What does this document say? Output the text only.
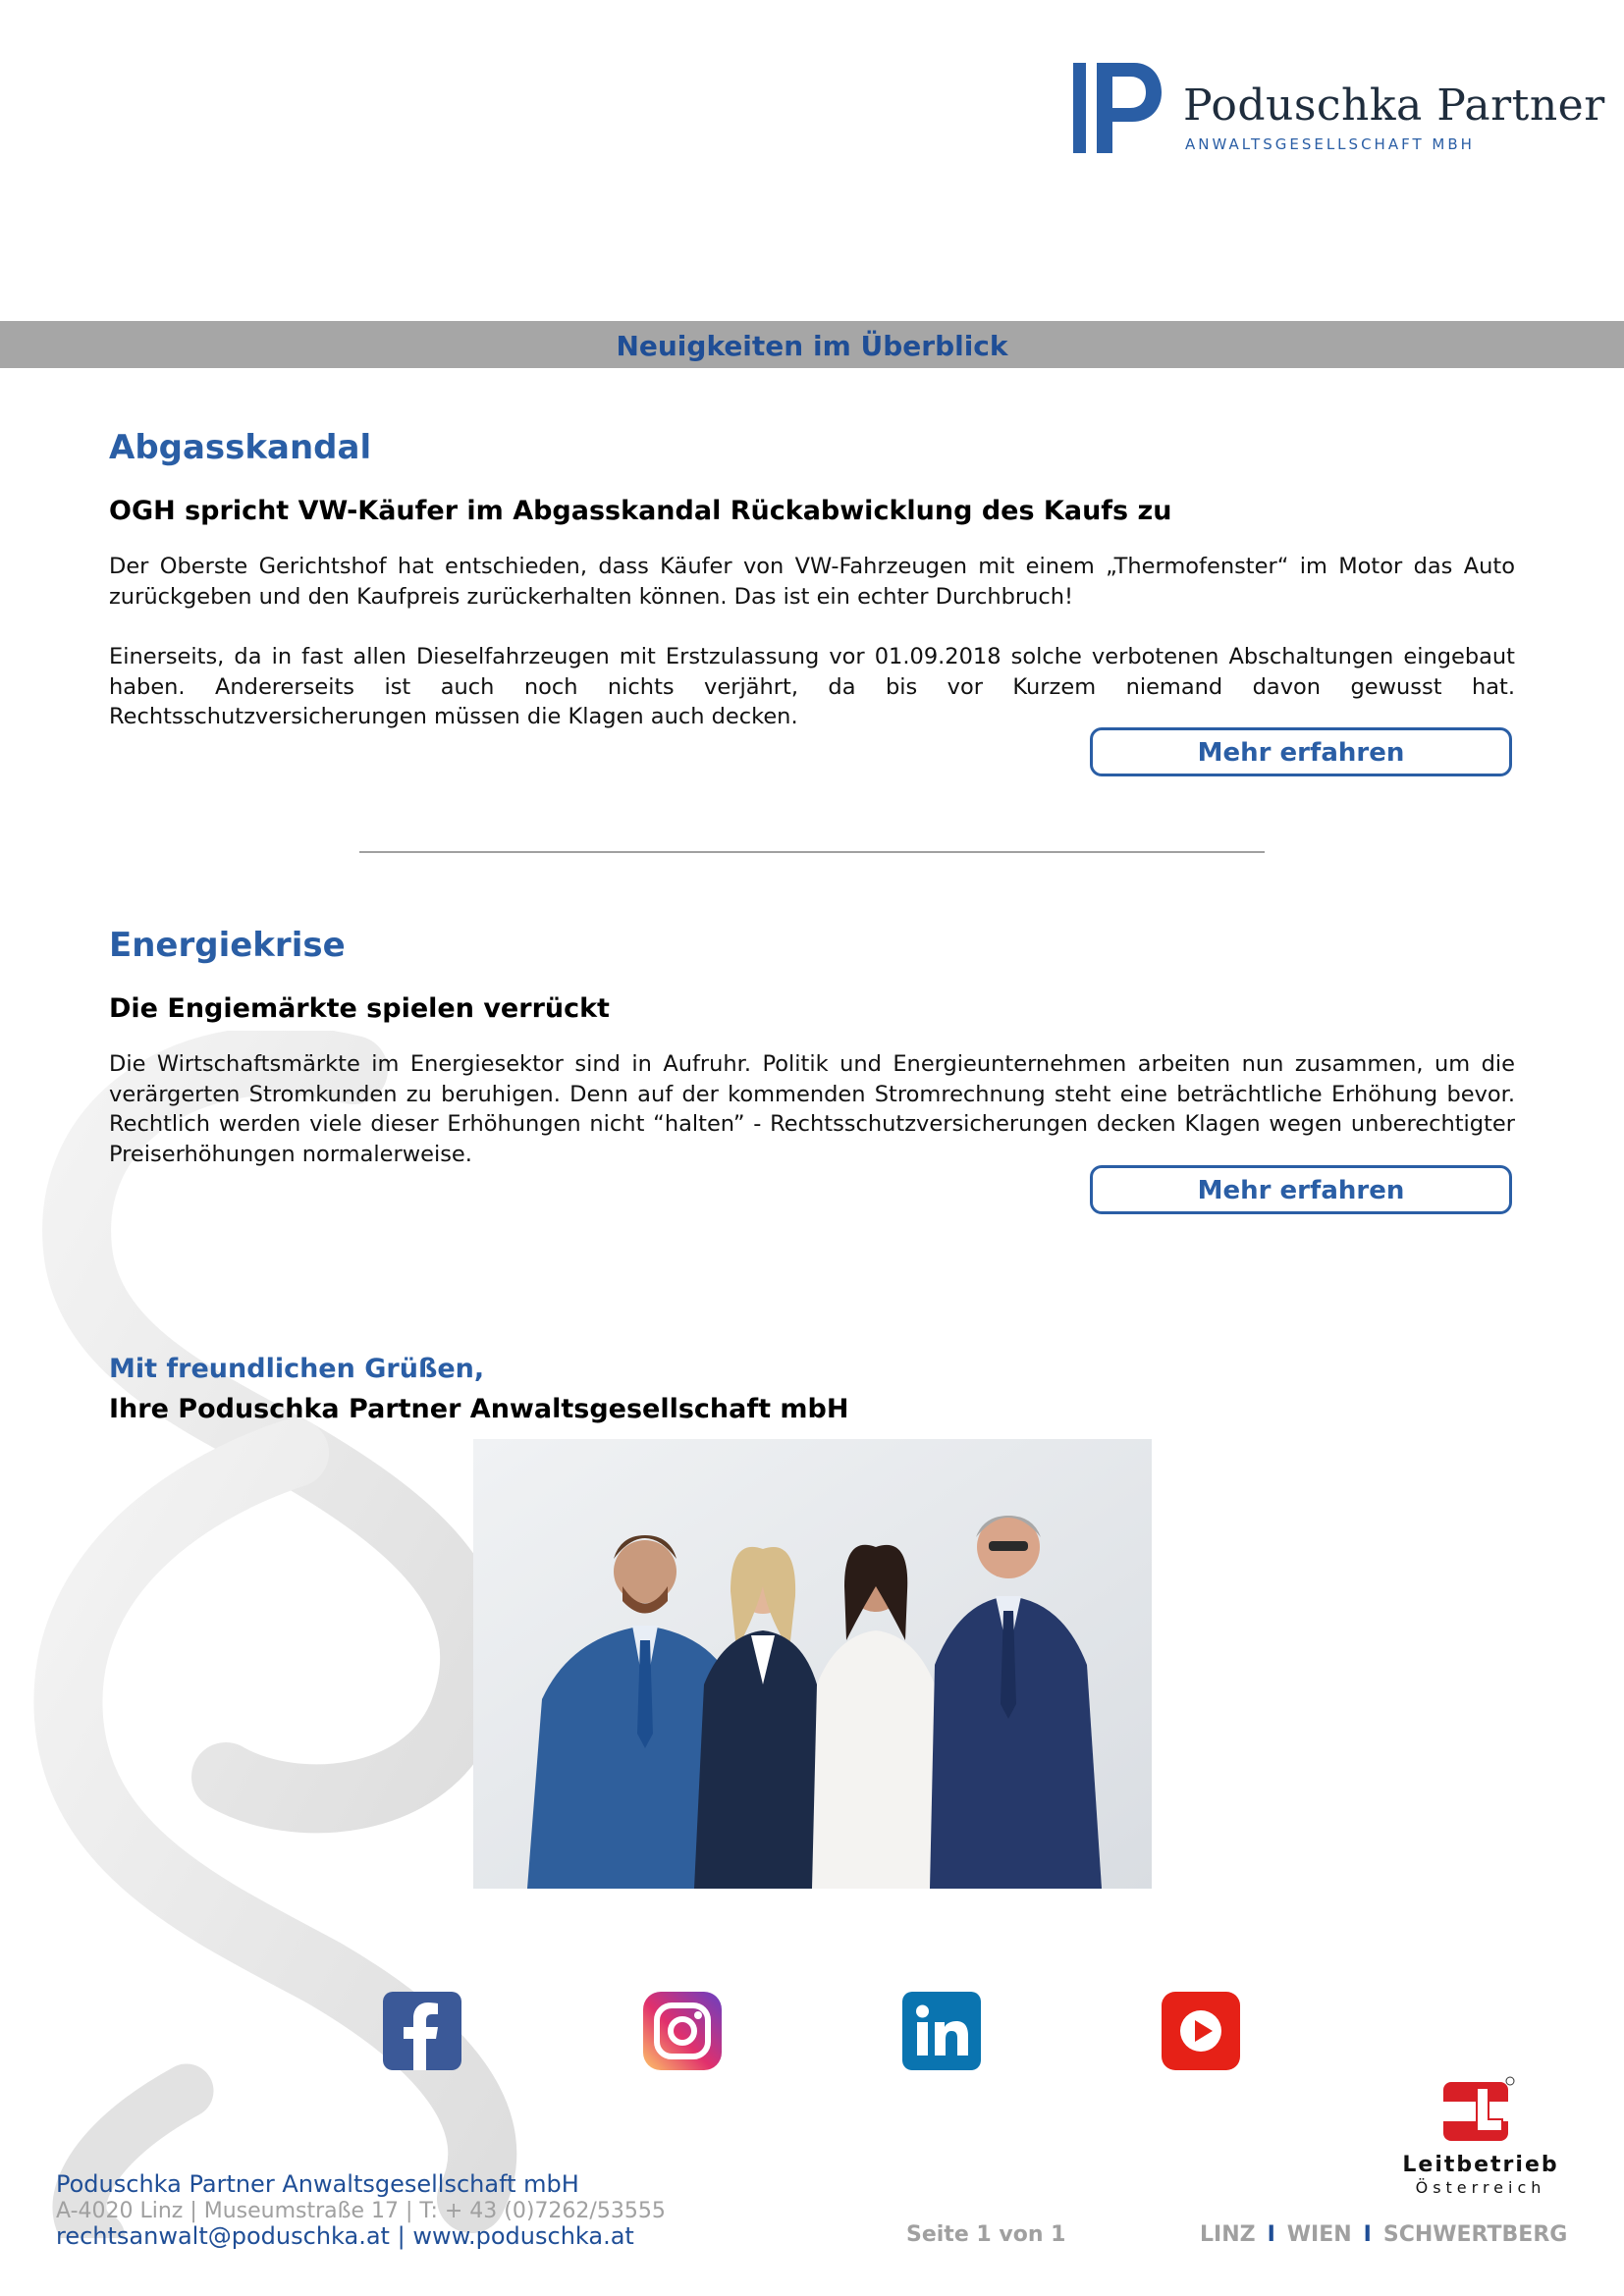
Poduschka Partner
ANWALTSGESELLSCHAFT MBH
Neuigkeiten im Überblick
Abgasskandal
OGH spricht VW-Käufer im Abgasskandal Rückabwicklung des Kaufs zu
Der Oberste Gerichtshof hat entschieden, dass Käufer von VW-Fahrzeugen mit einem „Thermofenster“ im Motor das Auto zurückgeben und den Kaufpreis zurückerhalten können. Das ist ein echter Durchbruch!
Einerseits, da in fast allen Dieselfahrzeugen mit Erstzulassung vor 01.09.2018 solche verbotenen Abschaltungen eingebaut haben. Andererseits ist auch noch nichts verjährt, da bis vor Kurzem niemand davon gewusst hat. Rechtsschutzversicherungen müssen die Klagen auch decken.
Mehr erfahren
Energiekrise
Die Engiemärkte spielen verrückt
Die Wirtschaftsmärkte im Energiesektor sind in Aufruhr. Politik und Energieunternehmen arbeiten nun zusammen, um die verärgerten Stromkunden zu beruhigen. Denn auf der kommenden Stromrechnung steht eine beträchtliche Erhöhung bevor. Rechtlich werden viele dieser Erhöhungen nicht “halten” - Rechtsschutzversicherungen decken Klagen wegen unberechtigter Preiserhöhungen normalerweise.
Mehr erfahren
Mit freundlichen Grüßen,
Ihre Poduschka Partner Anwaltsgesellschaft mbH
Leitbetrieb
Österreich
Poduschka Partner Anwaltsgesellschaft mbH
A-4020 Linz | Museumstraße 17 | T: + 43 (0)7262/53555
rechtsanwalt@poduschka.at | www.poduschka.at	Seite 1 von 1	LINZ I WIEN I SCHWERTBERG
